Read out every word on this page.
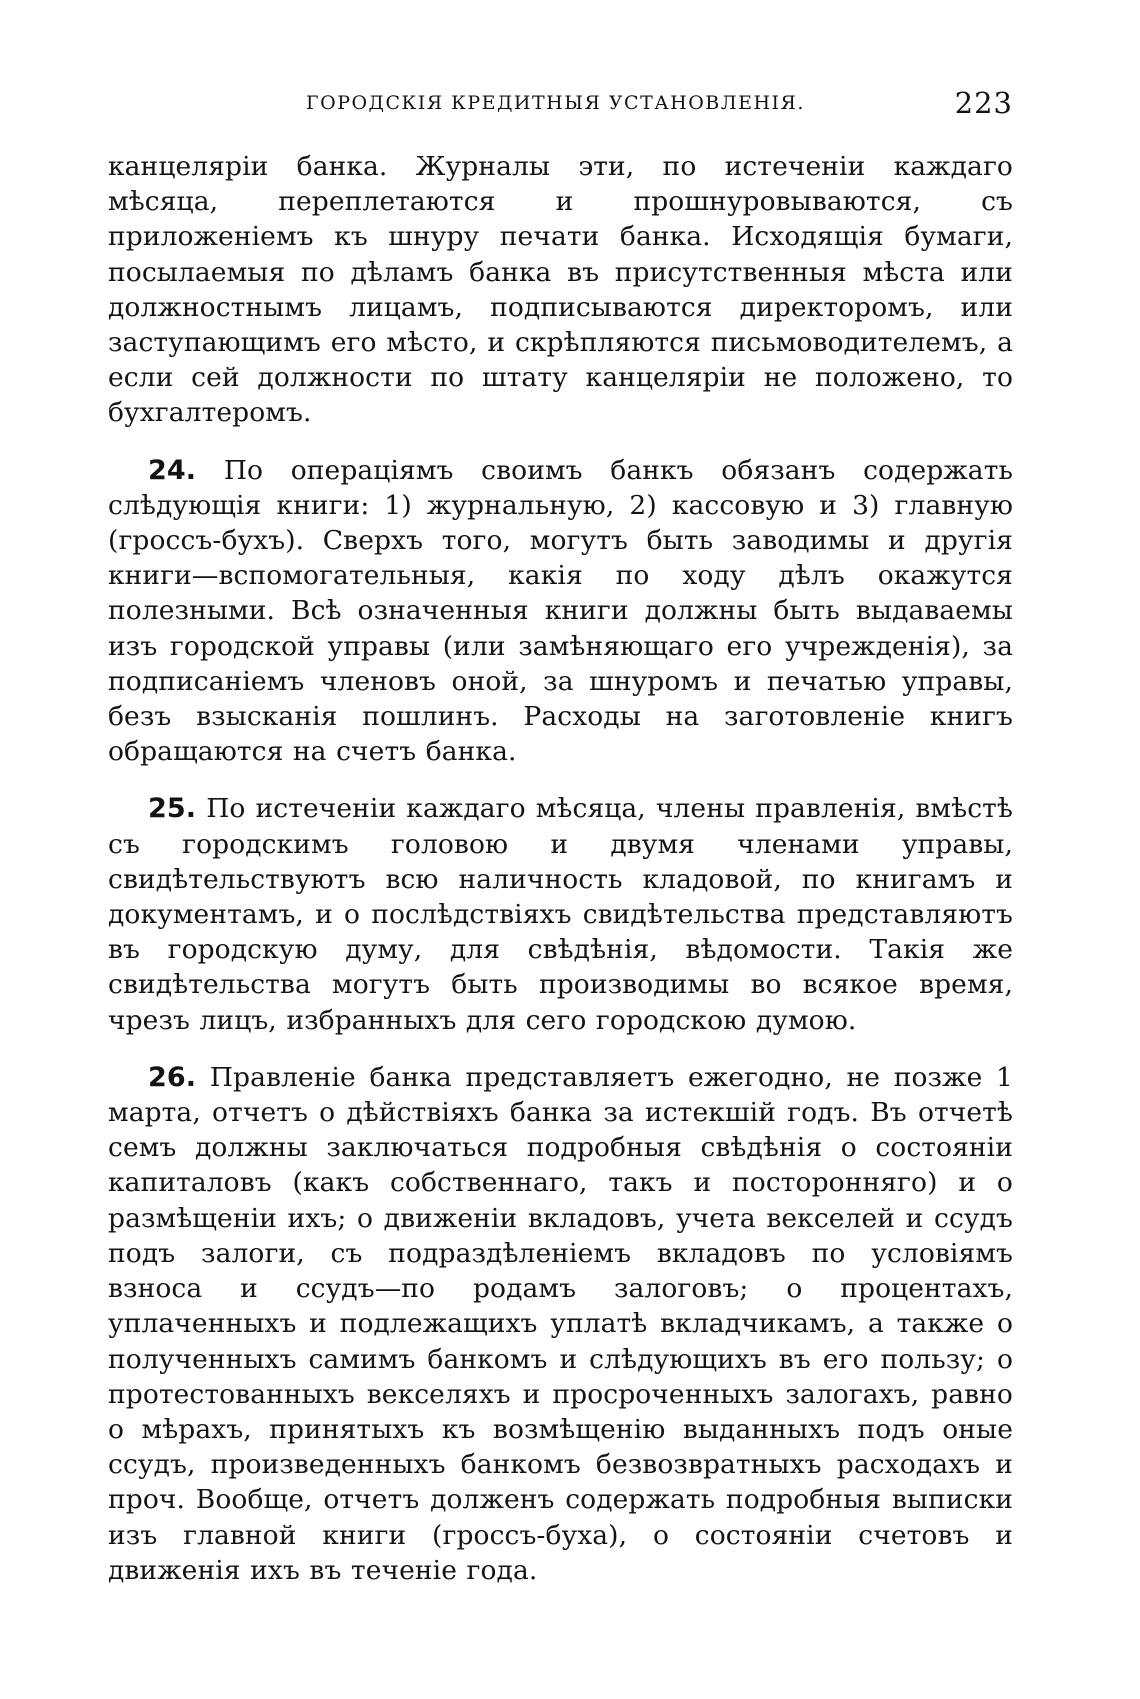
ГОРОДСКІЯ КРЕДИТНЫЯ УСТАНОВЛЕНІЯ.	223

канцеляріи банка. Журналы эти, по истеченіи каждаго мѣсяца, переплетаются и прошнуровываются, съ приложеніемъ къ шнуру печати банка. Исходящія бумаги, посылаемыя по дѣламъ банка въ присутственныя мѣста или должностнымъ лицамъ, подписываются директоромъ, или заступающимъ его мѣсто, и скрѣпляются письмоводителемъ, а если сей должности по штату канцеляріи не положено, то бухгалтеромъ.

24. По операціямъ своимъ банкъ обязанъ содержать слѣдующія книги: 1) журнальную, 2) кассовую и 3) главную (гроссъ-бухъ). Сверхъ того, могутъ быть заводимы и другія книги—вспомогательныя, какія по ходу дѣлъ окажутся полезными. Всѣ означенныя книги должны быть выдаваемы изъ городской управы (или замѣняющаго его учрежденія), за подписаніемъ членовъ оной, за шнуромъ и печатью управы, безъ взысканія пошлинъ. Расходы на заготовленіе книгъ обращаются на счетъ банка.

25. По истеченіи каждаго мѣсяца, члены правленія, вмѣстѣ съ городскимъ головою и двумя членами управы, свидѣтельствуютъ всю наличность кладовой, по книгамъ и документамъ, и о послѣдствіяхъ свидѣтельства представляютъ въ городскую думу, для свѣдѣнія, вѣдомости. Такія же свидѣтельства могутъ быть производимы во всякое время, чрезъ лицъ, избранныхъ для сего городскою думою.

26. Правленіе банка представляетъ ежегодно, не позже 1 марта, отчетъ о дѣйствіяхъ банка за истекшій годъ. Въ отчетѣ семъ должны заключаться подробныя свѣдѣнія о состояніи капиталовъ (какъ собственнаго, такъ и посторонняго) и о размѣщеніи ихъ; о движеніи вкладовъ, учета векселей и ссудъ подъ залоги, съ подраздѣленіемъ вкладовъ по условіямъ взноса и ссудъ—по родамъ залоговъ; о процентахъ, уплаченныхъ и подлежащихъ уплатѣ вкладчикамъ, а также о полученныхъ самимъ банкомъ и слѣдующихъ въ его пользу; о протестованныхъ векселяхъ и просроченныхъ залогахъ, равно о мѣрахъ, принятыхъ къ возмѣщенію выданныхъ подъ оные ссудъ, произведенныхъ банкомъ безвозвратныхъ расходахъ и проч. Вообще, отчетъ долженъ содержать подробныя выписки изъ главной книги (гроссъ-буха), о состояніи счетовъ и движенія ихъ въ теченіе года.
